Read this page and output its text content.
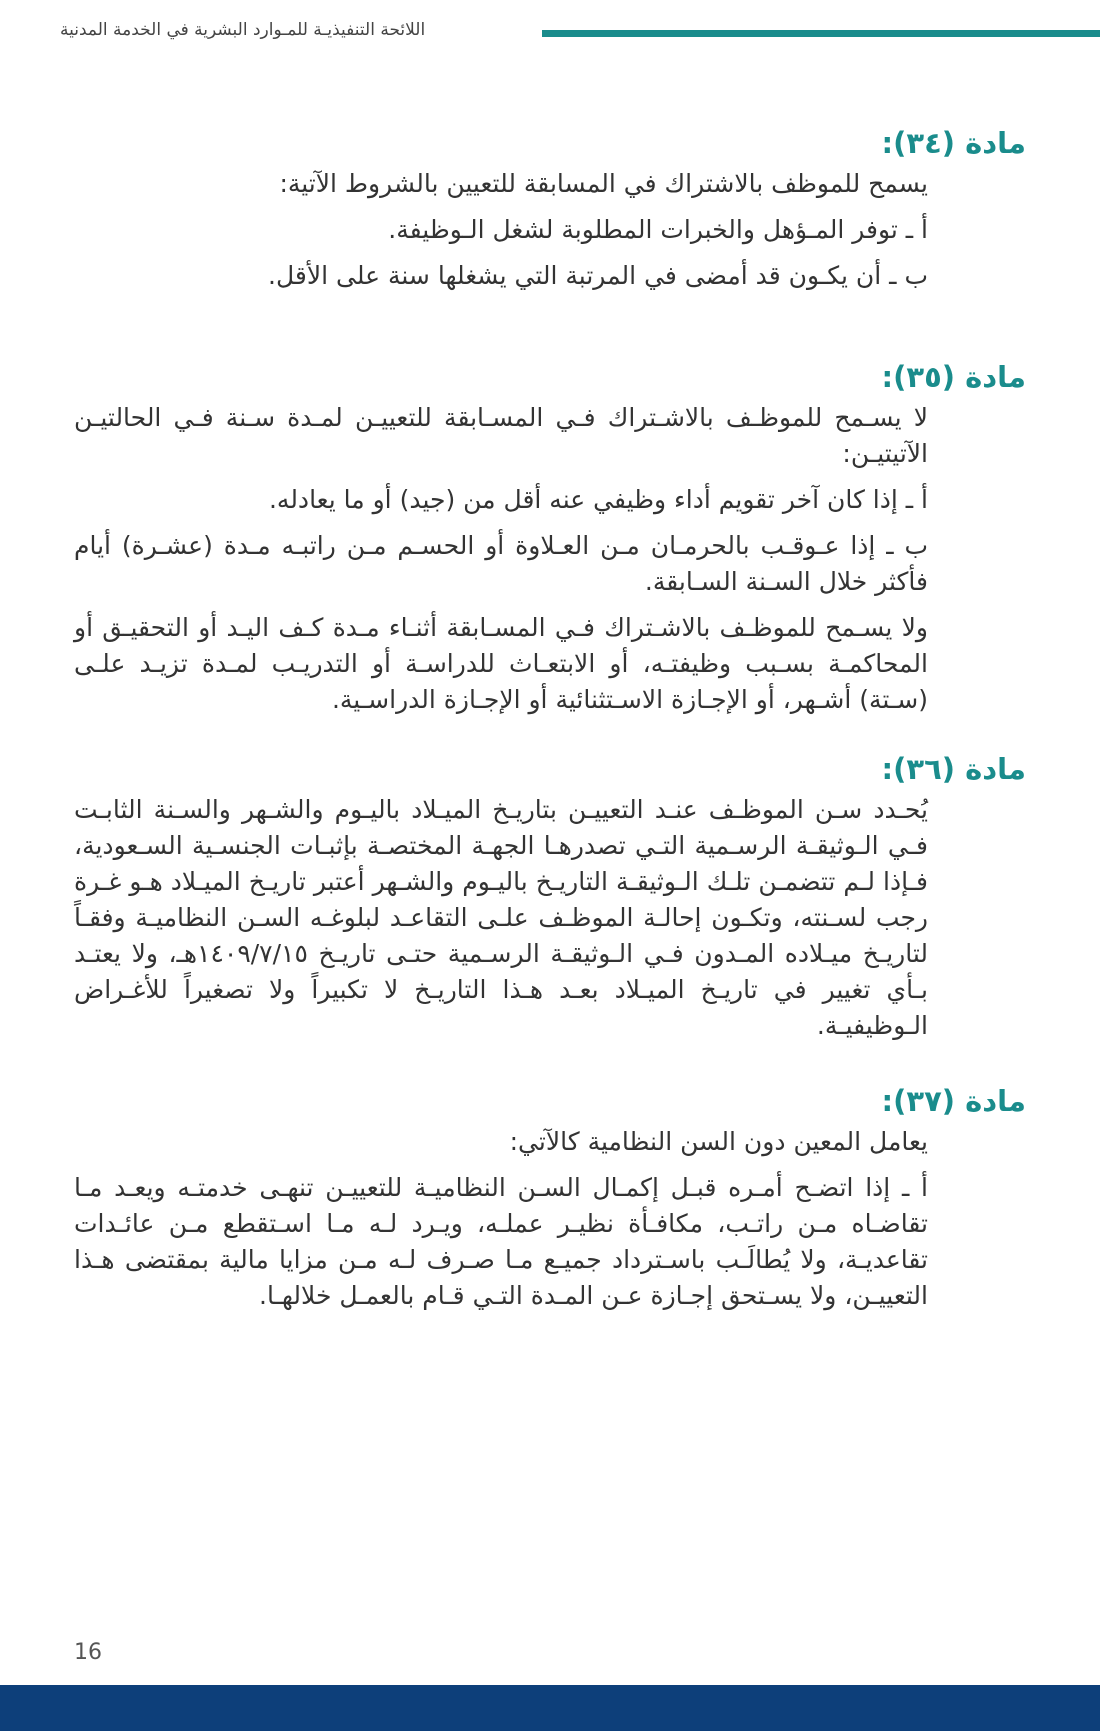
اللائحة التنفيذيـة للمـوارد البشرية في الخدمة المدنية
مادة (٣٤):

يسمح للموظف بالاشتراك في المسابقة للتعيين بالشروط الآتية:

أ ـ توفر المـؤهل والخبرات المطلوبة لشغل الـوظيفة.

ب ـ أن يكـون قد أمضى في المرتبة التي يشغلها سنة على الأقل.

مادة (٣٥):

لا يسـمح للموظـف بالاشـتراك فـي المسـابقة للتعييـن لمـدة سـنة فـي الحالتيـن الآتيتيـن:

أ ـ إذا كان آخر تقويم أداء وظيفي عنه أقل من (جيد) أو ما يعادله.

ب ـ إذا عـوقـب بالحرمـان مـن العـلاوة أو الحسـم مـن راتبـه مـدة (عشـرة) أيام فأكثر خلال السـنة السـابقة.

ولا يسـمح للموظـف بالاشـتراك فـي المسـابقة أثنـاء مـدة كـف اليـد أو التحقيـق أو المحاكمـة بسـبب وظيفتـه، أو الابتعـاث للدراسـة أو التدريـب لمـدة تزيـد علـى (سـتة) أشـهر، أو الإجـازة الاسـتثنائية أو الإجـازة الدراسـية.

مادة (٣٦):

يُحـدد سـن الموظـف عنـد التعييـن بتاريـخ الميـلاد باليـوم والشـهر والسـنة الثابـت فـي الـوثيقـة الرسـمية التـي تصدرهـا الجهـة المختصـة بإثبـات الجنسـية السـعودية، فـإذا لـم تتضمـن تلـك الـوثيقـة التاريـخ باليـوم والشـهر أعتبر تاريـخ الميـلاد هـو غـرة رجب لسـنته، وتكـون إحالـة الموظـف علـى التقاعـد لبلوغـه السـن النظاميـة وفقـاً لتاريـخ ميـلاده المـدون فـي الـوثيقـة الرسـمية حتـى تاريـخ ١٤٠٩/٧/١٥هـ، ولا يعتـد بـأي تغيير في تاريـخ الميـلاد بعـد هـذا التاريـخ لا تكبيراً ولا تصغيراً للأغـراض الـوظيفيـة.

مادة (٣٧):

يعامل المعين دون السن النظامية كالآتي:

أ ـ إذا اتضـح أمـره قبـل إكمـال السـن النظاميـة للتعييـن تنهـى خدمتـه ويعـد مـا تقاضـاه مـن راتـب، مكافـأة نظيـر عملـه، ويـرد لـه مـا اسـتقطع مـن عائـدات تقاعديـة، ولا يُطالَـب باسـترداد جميـع مـا صـرف لـه مـن مزايا مالية بمقتضى هـذا التعييـن، ولا يسـتحق إجـازة عـن المـدة التـي قـام بالعمـل خلالهـا.

16
